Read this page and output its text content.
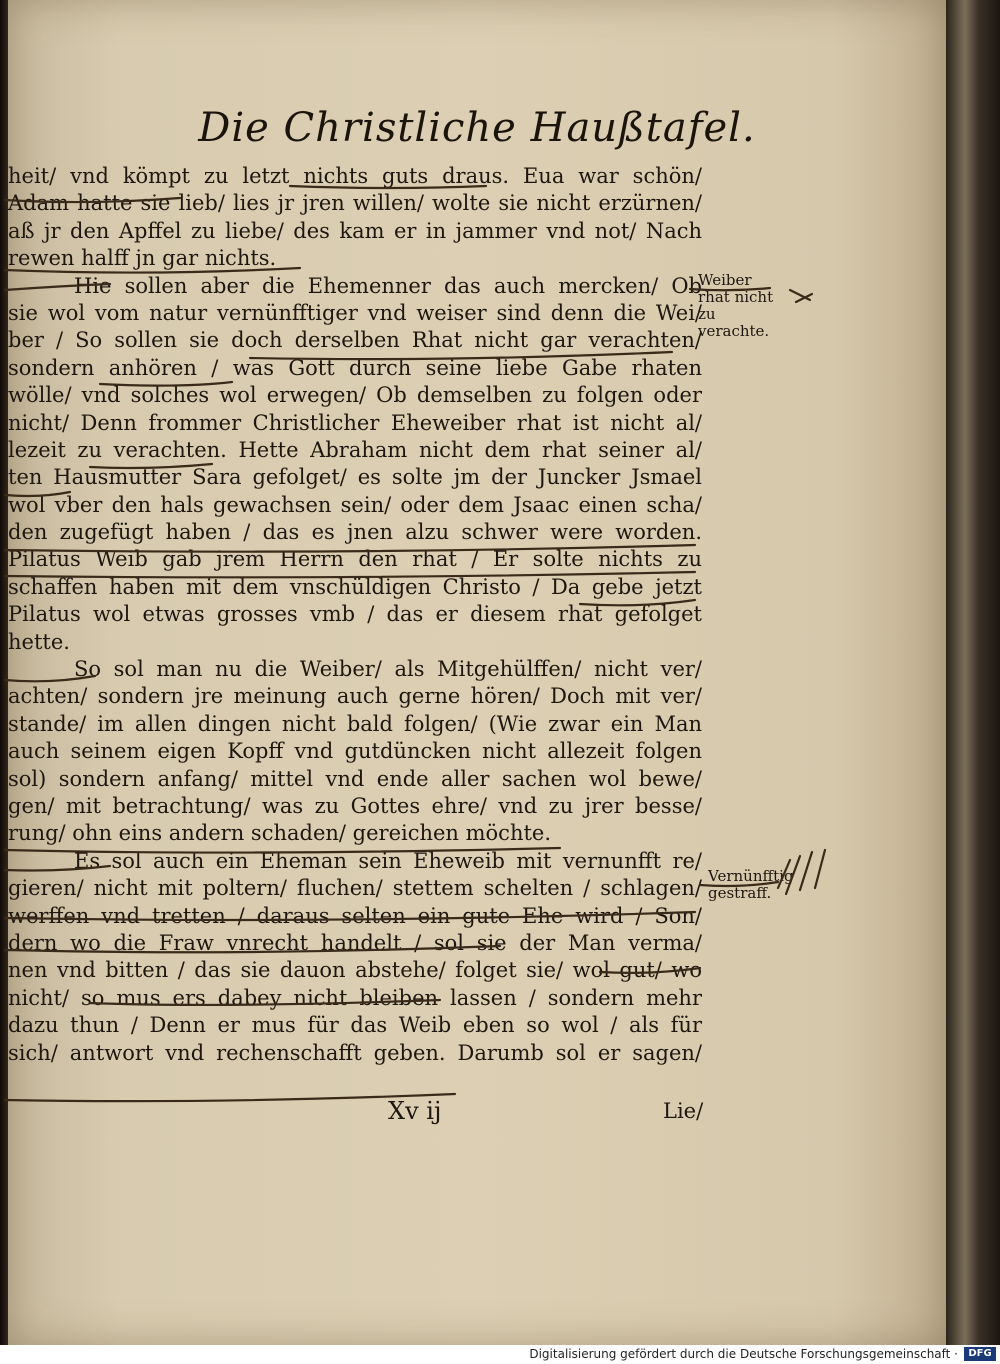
Die Christliche Haußtafel.
heit/ vnd kömpt zu letzt nichts guts draus. Eua war schön/
Adam hatte sie lieb/ lies jr jren willen/ wolte sie nicht erzürnen/
aß jr den Apffel zu liebe/ des kam er in jammer vnd not/ Nach
rewen halff jn gar nichts.
Hie sollen aber die Ehemenner das auch mercken/ Ob
sie wol vom natur vernünfftiger vnd weiser sind denn die Wei/
ber / So sollen sie doch derselben Rhat nicht gar verachten/
sondern anhören / was Gott durch seine liebe Gabe rhaten
wölle/ vnd solches wol erwegen/ Ob demselben zu folgen oder
nicht/ Denn frommer Christlicher Eheweiber rhat ist nicht al/
lezeit zu verachten. Hette Abraham nicht dem rhat seiner al/
ten Hausmutter Sara gefolget/ es solte jm der Juncker Jsmael
wol vber den hals gewachsen sein/ oder dem Jsaac einen scha/
den zugefügt haben / das es jnen alzu schwer were worden.
Pilatus Weib gab jrem Herrn den rhat / Er solte nichts zu
schaffen haben mit dem vnschüldigen Christo / Da gebe jetzt
Pilatus wol etwas grosses vmb / das er diesem rhat gefolget
hette.
So sol man nu die Weiber/ als Mitgehülffen/ nicht ver/
achten/ sondern jre meinung auch gerne hören/ Doch mit ver/
stande/ im allen dingen nicht bald folgen/ (Wie zwar ein Man
auch seinem eigen Kopff vnd gutdüncken nicht allezeit folgen
sol) sondern anfang/ mittel vnd ende aller sachen wol bewe/
gen/ mit betrachtung/ was zu Gottes ehre/ vnd zu jrer besse/
rung/ ohn eins andern schaden/ gereichen möchte.
Es sol auch ein Eheman sein Eheweib mit vernunfft re/
gieren/ nicht mit poltern/ fluchen/ stettem schelten / schlagen/
werffen vnd tretten / daraus selten ein gute Ehe wird / Son/
dern wo die Fraw vnrecht handelt / sol sie der Man verma/
nen vnd bitten / das sie dauon abstehe/ folget sie/ wol gut/ wo
nicht/ so mus ers dabey nicht bleiben lassen / sondern mehr
dazu thun / Denn er mus für das Weib eben so wol / als für
sich/ antwort vnd rechenschafft geben. Darumb sol er sagen/
Weiber rhat nicht zu verachte.
Vernünfftig gestraff.
Xv ij	Lie/
Digitalisierung gefördert durch die Deutsche Forschungsgemeinschaft ·	DFG
